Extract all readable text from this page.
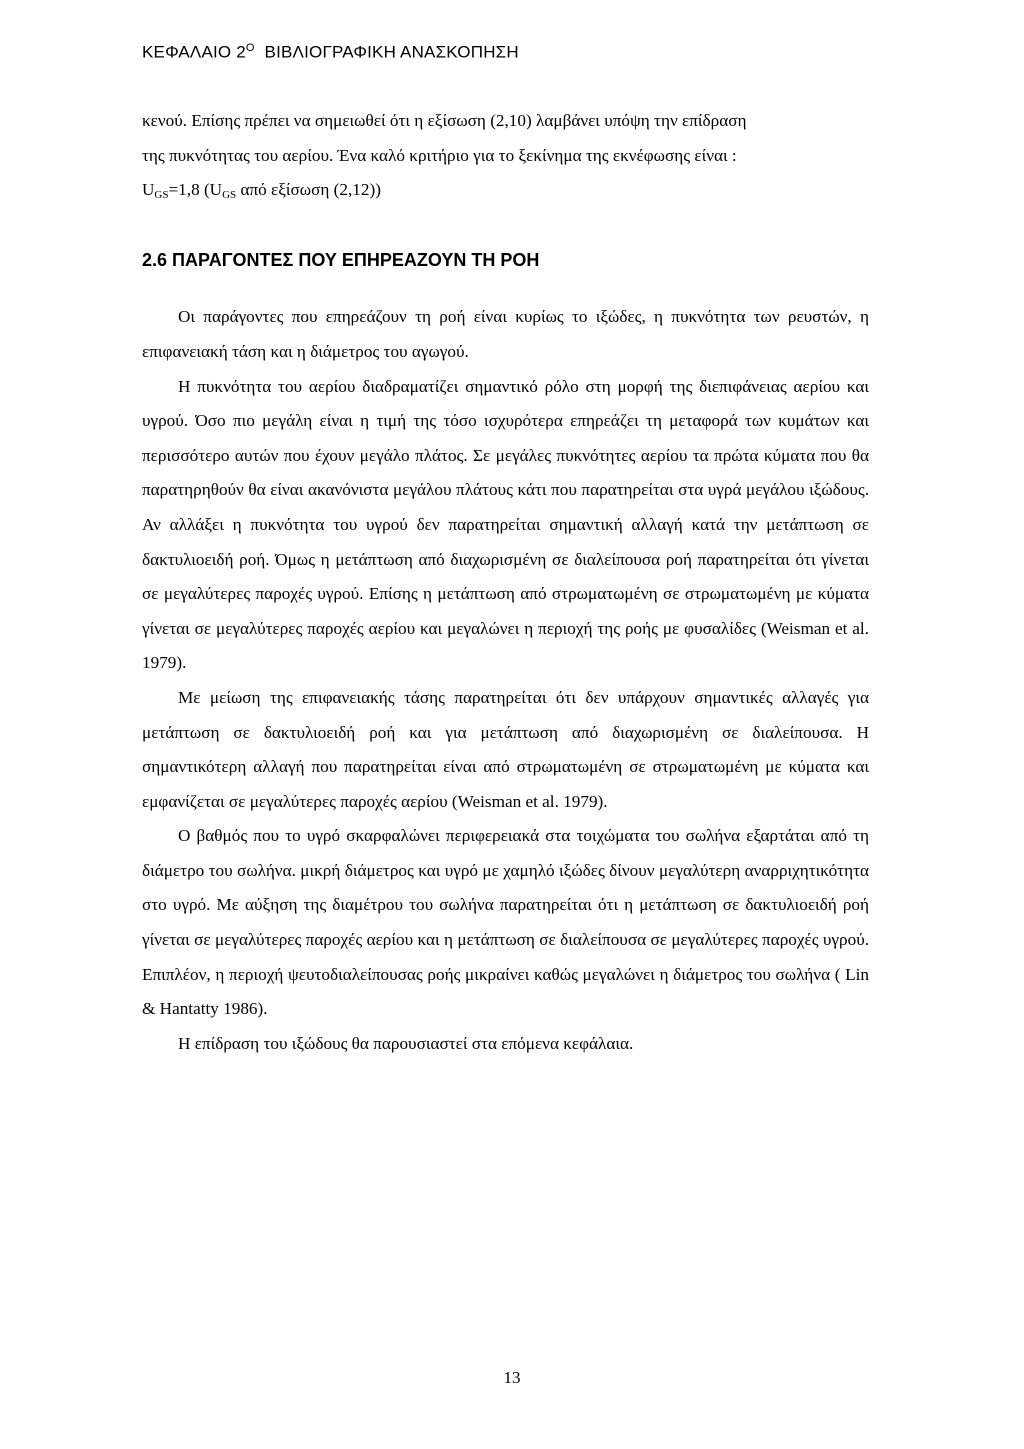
ΚΕΦΑΛΑΙΟ $2^O$ ΒΙΒΛΙΟΓΡΑΦΙΚΗ ΑΝΑΣΚΟΠΗΣΗ

κενού. Επίσης πρέπει να σημειωθεί ότι η εξίσωση (2,10) λαμβάνει υπόψη την επίδραση

της πυκνότητας του αερίου. Ένα καλό κριτήριο για το ξεκίνημα της εκνέφωσης είναι :

$U_{GS}=1,8$ ($U_{GS}$ από εξίσωση (2,12))

2.6 ΠΑΡΑΓΟΝΤΕΣ ΠΟΥ ΕΠΗΡΕΑΖΟΥΝ ΤΗ ΡΟΗ

Οι παράγοντες που επηρεάζουν τη ροή είναι κυρίως το ιξώδες, η πυκνότητα των ρευστών, η επιφανειακή τάση και η διάμετρος του αγωγού.

Η πυκνότητα του αερίου διαδραματίζει σημαντικό ρόλο στη μορφή της διεπιφάνειας αερίου και υγρού. Όσο πιο μεγάλη είναι η τιμή της τόσο ισχυρότερα επηρεάζει τη μεταφορά των κυμάτων και περισσότερο αυτών που έχουν μεγάλο πλάτος. Σε μεγάλες πυκνότητες αερίου τα πρώτα κύματα που θα παρατηρηθούν θα είναι ακανόνιστα μεγάλου πλάτους κάτι που παρατηρείται στα υγρά μεγάλου ιξώδους. Αν αλλάξει η πυκνότητα του υγρού δεν παρατηρείται σημαντική αλλαγή κατά την μετάπτωση σε δακτυλιοειδή ροή. Όμως η μετάπτωση από διαχωρισμένη σε διαλείπουσα ροή παρατηρείται ότι γίνεται σε μεγαλύτερες παροχές υγρού. Επίσης η μετάπτωση από στρωματωμένη σε στρωματωμένη με κύματα γίνεται σε μεγαλύτερες παροχές αερίου και μεγαλώνει η περιοχή της ροής με φυσαλίδες (Weisman et al. 1979).

Με μείωση της επιφανειακής τάσης παρατηρείται ότι δεν υπάρχουν σημαντικές αλλαγές για μετάπτωση σε δακτυλιοειδή ροή και για μετάπτωση από διαχωρισμένη σε διαλείπουσα. Η σημαντικότερη αλλαγή που παρατηρείται είναι από στρωματωμένη σε στρωματωμένη με κύματα και εμφανίζεται σε μεγαλύτερες παροχές αερίου (Weisman et al. 1979).

Ο βαθμός που το υγρό σκαρφαλώνει περιφερειακά στα τοιχώματα του σωλήνα εξαρτάται από τη διάμετρο του σωλήνα. μικρή διάμετρος και υγρό με χαμηλό ιξώδες δίνουν μεγαλύτερη αναρριχητικότητα στο υγρό. Με αύξηση της διαμέτρου του σωλήνα παρατηρείται ότι η μετάπτωση σε δακτυλιοειδή ροή γίνεται σε μεγαλύτερες παροχές αερίου και η μετάπτωση σε διαλείπουσα σε μεγαλύτερες παροχές υγρού. Επιπλέον, η περιοχή ψευτοδιαλείπουσας ροής μικραίνει καθώς μεγαλώνει η διάμετρος του σωλήνα ( Lin & Hantatty 1986).

Η επίδραση του ιξώδους θα παρουσιαστεί στα επόμενα κεφάλαια.

13
